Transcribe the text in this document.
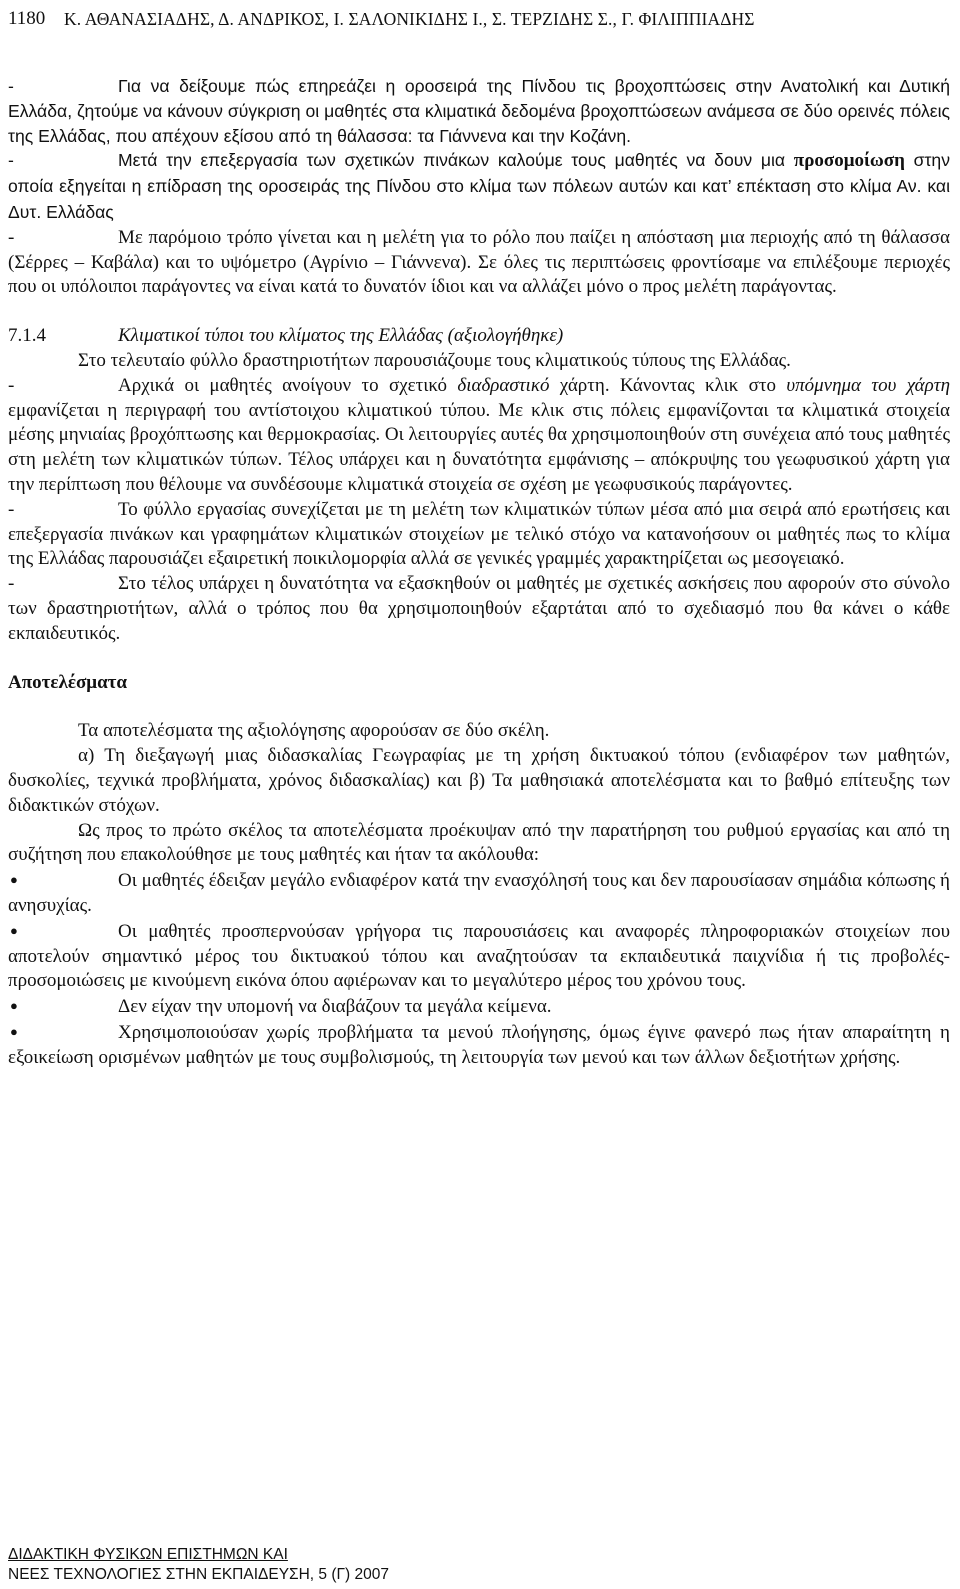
1180 Κ. ΑΘΑΝΑΣΙΑΔΗΣ, Δ. ΑΝΔΡΙΚΟΣ, Ι. ΣΑΛΟΝΙΚΙΔΗΣ Ι., Σ. ΤΕΡΖΙΔΗΣ Σ., Γ. ΦΙΛΙΠΠΙΑΔΗΣ

-	Για να δείξουμε πώς επηρεάζει η οροσειρά της Πίνδου τις βροχοπτώσεις στην Ανατολική και Δυτική Ελλάδα, ζητούμε να κάνουν σύγκριση οι μαθητές στα κλιματικά δεδομένα βροχοπτώσεων ανάμεσα σε δύο ορεινές πόλεις της Ελλάδας, που απέχουν εξίσου από τη θάλασσα: τα Γιάννενα και την Κοζάνη.

-	Μετά την επεξεργασία των σχετικών πινάκων καλούμε τους μαθητές να δουν μια προσομοίωση στην οποία εξηγείται η επίδραση της οροσειράς της Πίνδου στο κλίμα των πόλεων αυτών και κατ’ επέκταση στο κλίμα Αν. και Δυτ. Ελλάδας

-	Με παρόμοιο τρόπο γίνεται και η μελέτη για το ρόλο που παίζει η απόσταση μια περιοχής από τη θάλασσα (Σέρρες – Καβάλα) και το υψόμετρο (Αγρίνιο – Γιάννενα). Σε όλες τις περιπτώσεις φροντίσαμε να επιλέξουμε περιοχές που οι υπόλοιποι παράγοντες να είναι κατά το δυνατόν ίδιοι και να αλλάζει μόνο ο προς μελέτη παράγοντας.

7.1.4	Κλιματικοί τύποι του κλίματος της Ελλάδας (αξιολογήθηκε)

Στο τελευταίο φύλλο δραστηριοτήτων παρουσιάζουμε τους κλιματικούς τύπους της Ελλάδας.

-	Αρχικά οι μαθητές ανοίγουν το σχετικό διαδραστικό χάρτη. Κάνοντας κλικ στο υπόμνημα του χάρτη εμφανίζεται η περιγραφή του αντίστοιχου κλιματικού τύπου. Με κλικ στις πόλεις εμφανίζονται τα κλιματικά στοιχεία μέσης μηνιαίας βροχόπτωσης και θερμοκρασίας. Οι λειτουργίες αυτές θα χρησιμοποιηθούν στη συνέχεια από τους μαθητές στη μελέτη των κλιματικών τύπων. Τέλος υπάρχει και η δυνατότητα εμφάνισης – απόκρυψης του γεωφυσικού χάρτη για την περίπτωση που θέλουμε να συνδέσουμε κλιματικά στοιχεία σε σχέση με γεωφυσικούς παράγοντες.

-	Το φύλλο εργασίας συνεχίζεται με τη μελέτη των κλιματικών τύπων μέσα από μια σειρά από ερωτήσεις και επεξεργασία πινάκων και γραφημάτων κλιματικών στοιχείων με τελικό στόχο να κατανοήσουν οι μαθητές πως το κλίμα της Ελλάδας παρουσιάζει εξαιρετική ποικιλομορφία αλλά σε γενικές γραμμές χαρακτηρίζεται ως μεσογειακό.

-	Στο τέλος υπάρχει η δυνατότητα να εξασκηθούν οι μαθητές με σχετικές ασκήσεις που αφορούν στο σύνολο των δραστηριοτήτων, αλλά ο τρόπος που θα χρησιμοποιηθούν εξαρτάται από το σχεδιασμό που θα κάνει ο κάθε εκπαιδευτικός.

Αποτελέσματα

Τα αποτελέσματα της αξιολόγησης αφορούσαν σε δύο σκέλη.

α) Τη διεξαγωγή μιας διδασκαλίας Γεωγραφίας με τη χρήση δικτυακού τόπου (ενδιαφέρον των μαθητών, δυσκολίες, τεχνικά προβλήματα, χρόνος διδασκαλίας) και β) Τα μαθησιακά αποτελέσματα και το βαθμό επίτευξης των διδακτικών στόχων.

Ως προς το πρώτο σκέλος τα αποτελέσματα προέκυψαν από την παρατήρηση του ρυθμού εργασίας και από τη συζήτηση που επακολούθησε με τους μαθητές και ήταν τα ακόλουθα:

●Οι μαθητές έδειξαν μεγάλο ενδιαφέρον κατά την ενασχόλησή τους και δεν παρουσίασαν σημάδια κόπωσης ή ανησυχίας.

●Οι μαθητές προσπερνούσαν γρήγορα τις παρουσιάσεις και αναφορές πληροφοριακών στοιχείων που αποτελούν σημαντικό μέρος του δικτυακού τόπου και αναζητούσαν τα εκπαιδευτικά παιχνίδια ή τις προβολές-προσομοιώσεις με κινούμενη εικόνα όπου αφιέρωναν και το μεγαλύτερο μέρος του χρόνου τους.

●Δεν είχαν την υπομονή να διαβάζουν τα μεγάλα κείμενα.

●Χρησιμοποιούσαν χωρίς προβλήματα τα μενού πλοήγησης, όμως έγινε φανερό πως ήταν απαραίτητη η εξοικείωση ορισμένων μαθητών με τους συμβολισμούς, τη λειτουργία των μενού και των άλλων δεξιοτήτων χρήσης.

ΔΙΔΑΚΤΙΚΗ ΦΥΣΙΚΩΝ ΕΠΙΣΤΗΜΩΝ ΚΑΙ
ΝΕΕΣ ΤΕΧΝΟΛΟΓΙΕΣ ΣΤΗΝ ΕΚΠΑΙΔΕΥΣΗ, 5 (Γ) 2007
